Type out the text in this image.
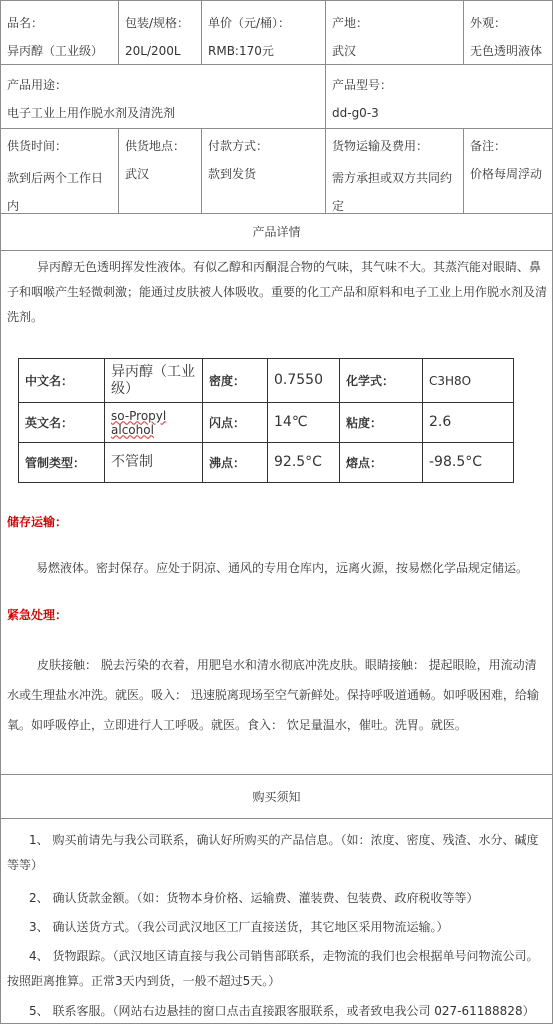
品名：
异丙醇（工业级）
包装/规格：
20L/200L
单价（元/桶）：
RMB:170元
产地：
武汉
外观：
无色透明液体
产品用途：
电子工业上用作脱水剂及清洗剂
产品型号：
dd-g0-3
供货时间：
款到后两个工作日内
供货地点：
武汉
付款方式：
款到发货
货物运输及费用：
需方承担或双方共同约定
备注：
价格每周浮动
产品详情
异丙醇无色透明挥发性液体。有似乙醇和丙酮混合物的气味，其气味不大。其蒸汽能对眼睛、鼻子和咽喉产生轻微刺激；能通过皮肤被人体吸收。重要的化工产品和原料和电子工业上用作脱水剂及清洗剂。
中文名：	异丙醇（工业级）	密度：	0.7550	化学式：	C3H8O
英文名：	so-Propyl alcohol	闪点：	14℃	粘度：	2.6
管制类型：	不管制	沸点：	92.5°C	熔点：	-98.5°C
储存运输：
易燃液体。密封保存。应处于阴凉、通风的专用仓库内，远离火源，按易燃化学品规定储运。
紧急处理：
皮肤接触： 脱去污染的衣着，用肥皂水和清水彻底冲洗皮肤。眼睛接触： 提起眼睑，用流动清水或生理盐水冲洗。就医。吸入： 迅速脱离现场至空气新鲜处。保持呼吸道通畅。如呼吸困难，给输氧。如呼吸停止，立即进行人工呼吸。就医。食入： 饮足量温水，催吐。洗胃。就医。
购买须知
1、 购买前请先与我公司联系，确认好所购买的产品信息。（如：浓度、密度、残渣、水分、碱度等等）
2、 确认货款金额。（如：货物本身价格、运输费、灌装费、包装费、政府税收等等）
3、 确认送货方式。（我公司武汉地区工厂直接送货，其它地区采用物流运输。）
4、 货物跟踪。（武汉地区请直接与我公司销售部联系，走物流的我们也会根据单号问物流公司。按照距离推算。正常3天内到货，一般不超过5天。）
5、 联系客服。（网站右边悬挂的窗口点击直接跟客服联系，或者致电我公司 027-61188828）
